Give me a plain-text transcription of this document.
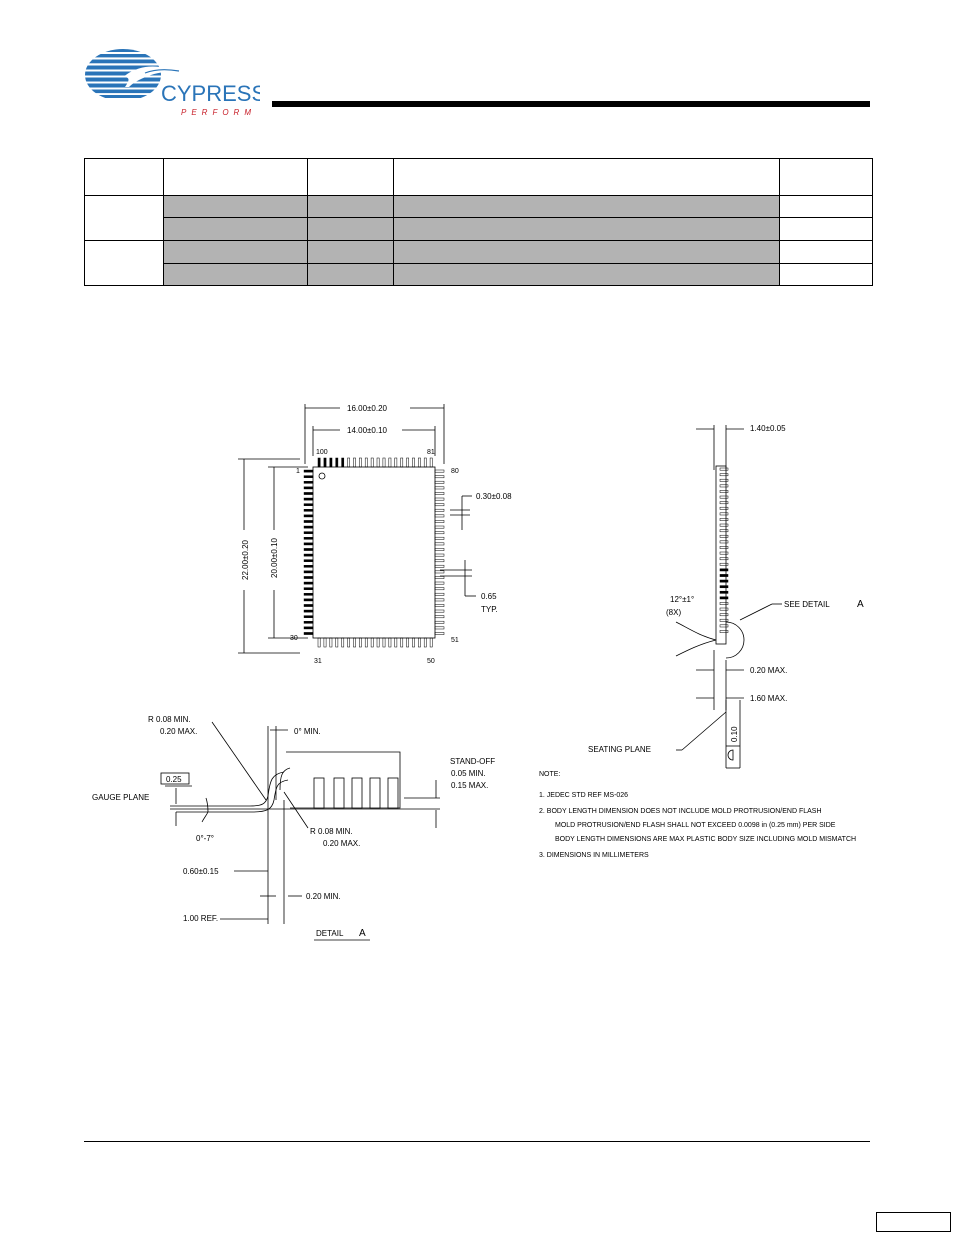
CYPRESS
PERFORM

16.00±0.20
14.00±0.10
22.00±0.20	20.00±0.10
0.30±0.08
0.65
TYP.
100	81
1	80
30	51
31	50
1.40±0.05
12°±1°
(8X)
SEE DETAIL	A
0.20 MAX.
1.60 MAX.
0.10
SEATING PLANE
R 0.08 MIN.
0.20 MAX.	0° MIN.
0.25
GAUGE PLANE
0°-7°
R 0.08 MIN.
0.20 MAX.
STAND-OFF
0.05 MIN.
0.15 MAX.
0.60±0.15
0.20 MIN.
1.00 REF.
DETAIL A
NOTE:
1. JEDEC STD REF MS-026
2. BODY LENGTH DIMENSION DOES NOT INCLUDE MOLD PROTRUSION/END FLASH
MOLD PROTRUSION/END FLASH SHALL NOT EXCEED 0.0098 in (0.25 mm) PER SIDE
BODY LENGTH DIMENSIONS ARE MAX PLASTIC BODY SIZE INCLUDING MOLD MISMATCH
3. DIMENSIONS IN MILLIMETERS
